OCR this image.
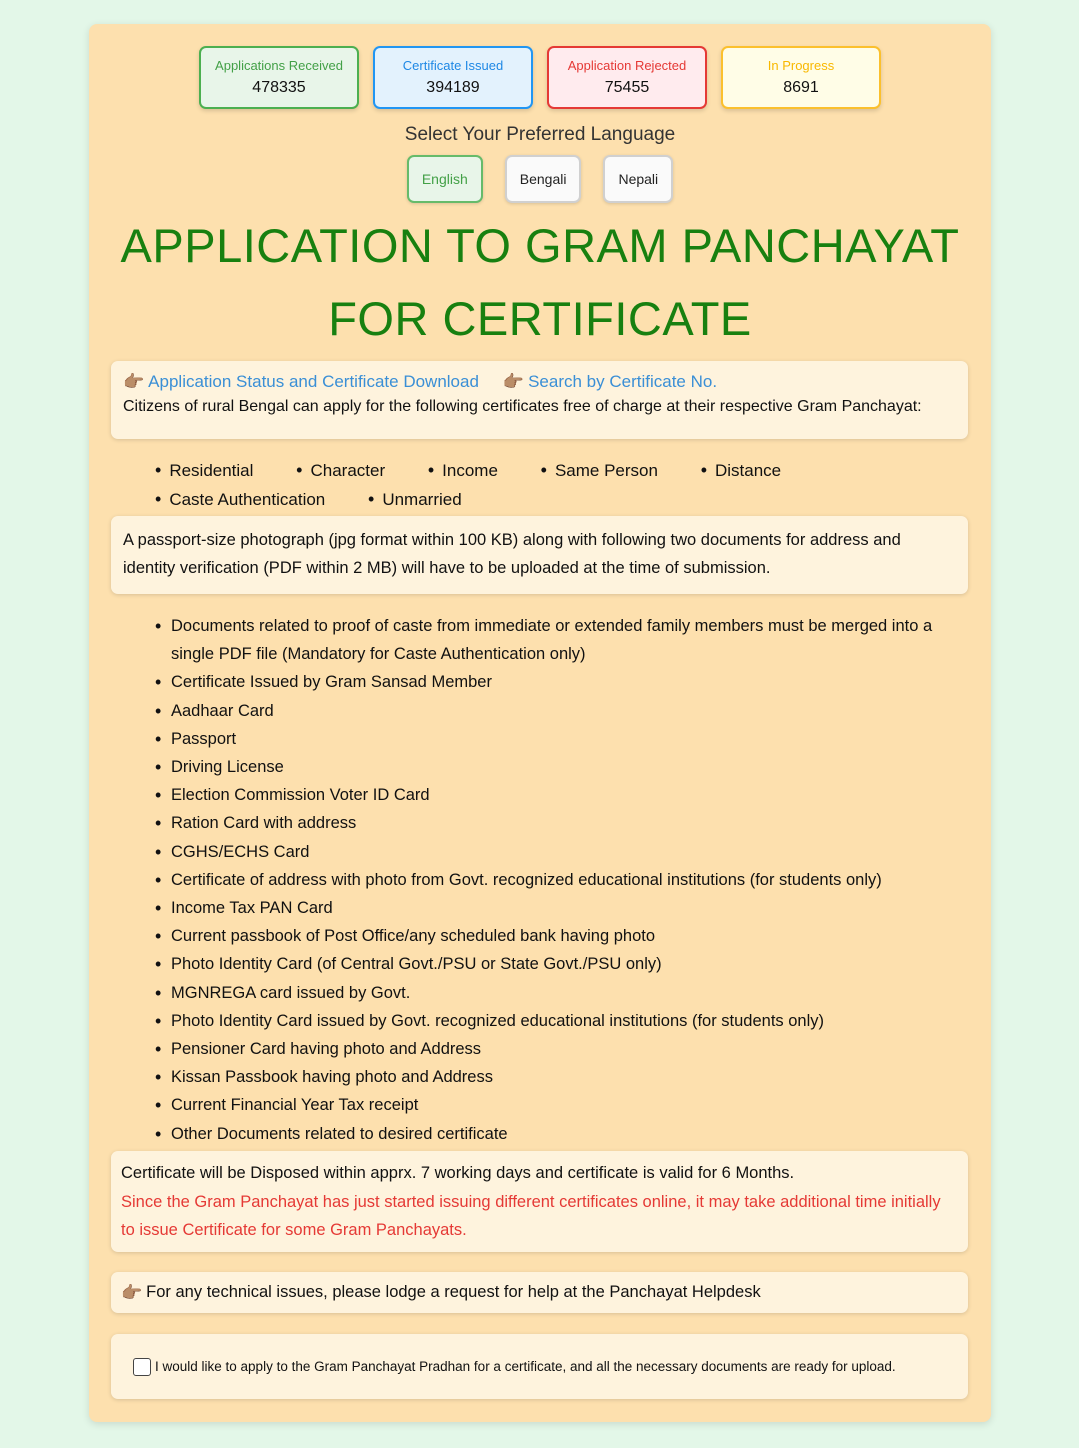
Applications Received
478335
Certificate Issued
394189
Application Rejected
75455
In Progress
8691
Select Your Preferred Language
English	Bengali	Nepali
APPLICATION TO GRAM PANCHAYAT
FOR CERTIFICATE
👉🏽 Application Status and Certificate Download 👉🏽 Search by Certificate No.
Citizens of rural Bengal can apply for the following certificates free of charge at their respective Gram Panchayat:
• Residential	• Character	• Income	• Same Person	• Distance • Caste Authentication	• Unmarried
A passport-size photograph (jpg format within 100 KB) along with following two documents for address and identity verification (PDF within 2 MB) will have to be uploaded at the time of submission.
• Documents related to proof of caste from immediate or extended family members must be merged into a single PDF file (Mandatory for Caste Authentication only)
• Certificate Issued by Gram Sansad Member
• Aadhaar Card
• Passport
• Driving License
• Election Commission Voter ID Card
• Ration Card with address
• CGHS/ECHS Card
• Certificate of address with photo from Govt. recognized educational institutions (for students only)
• Income Tax PAN Card
• Current passbook of Post Office/any scheduled bank having photo
• Photo Identity Card (of Central Govt./PSU or State Govt./PSU only)
• MGNREGA card issued by Govt.
• Photo Identity Card issued by Govt. recognized educational institutions (for students only)
• Pensioner Card having photo and Address
• Kissan Passbook having photo and Address
• Current Financial Year Tax receipt
• Other Documents related to desired certificate
Certificate will be Disposed within apprx. 7 working days and certificate is valid for 6 Months.
Since the Gram Panchayat has just started issuing different certificates online, it may take additional time initially to issue Certificate for some Gram Panchayats.
👉🏽 For any technical issues, please lodge a request for help at the Panchayat Helpdesk
I would like to apply to the Gram Panchayat Pradhan for a certificate, and all the necessary documents are ready for upload.
